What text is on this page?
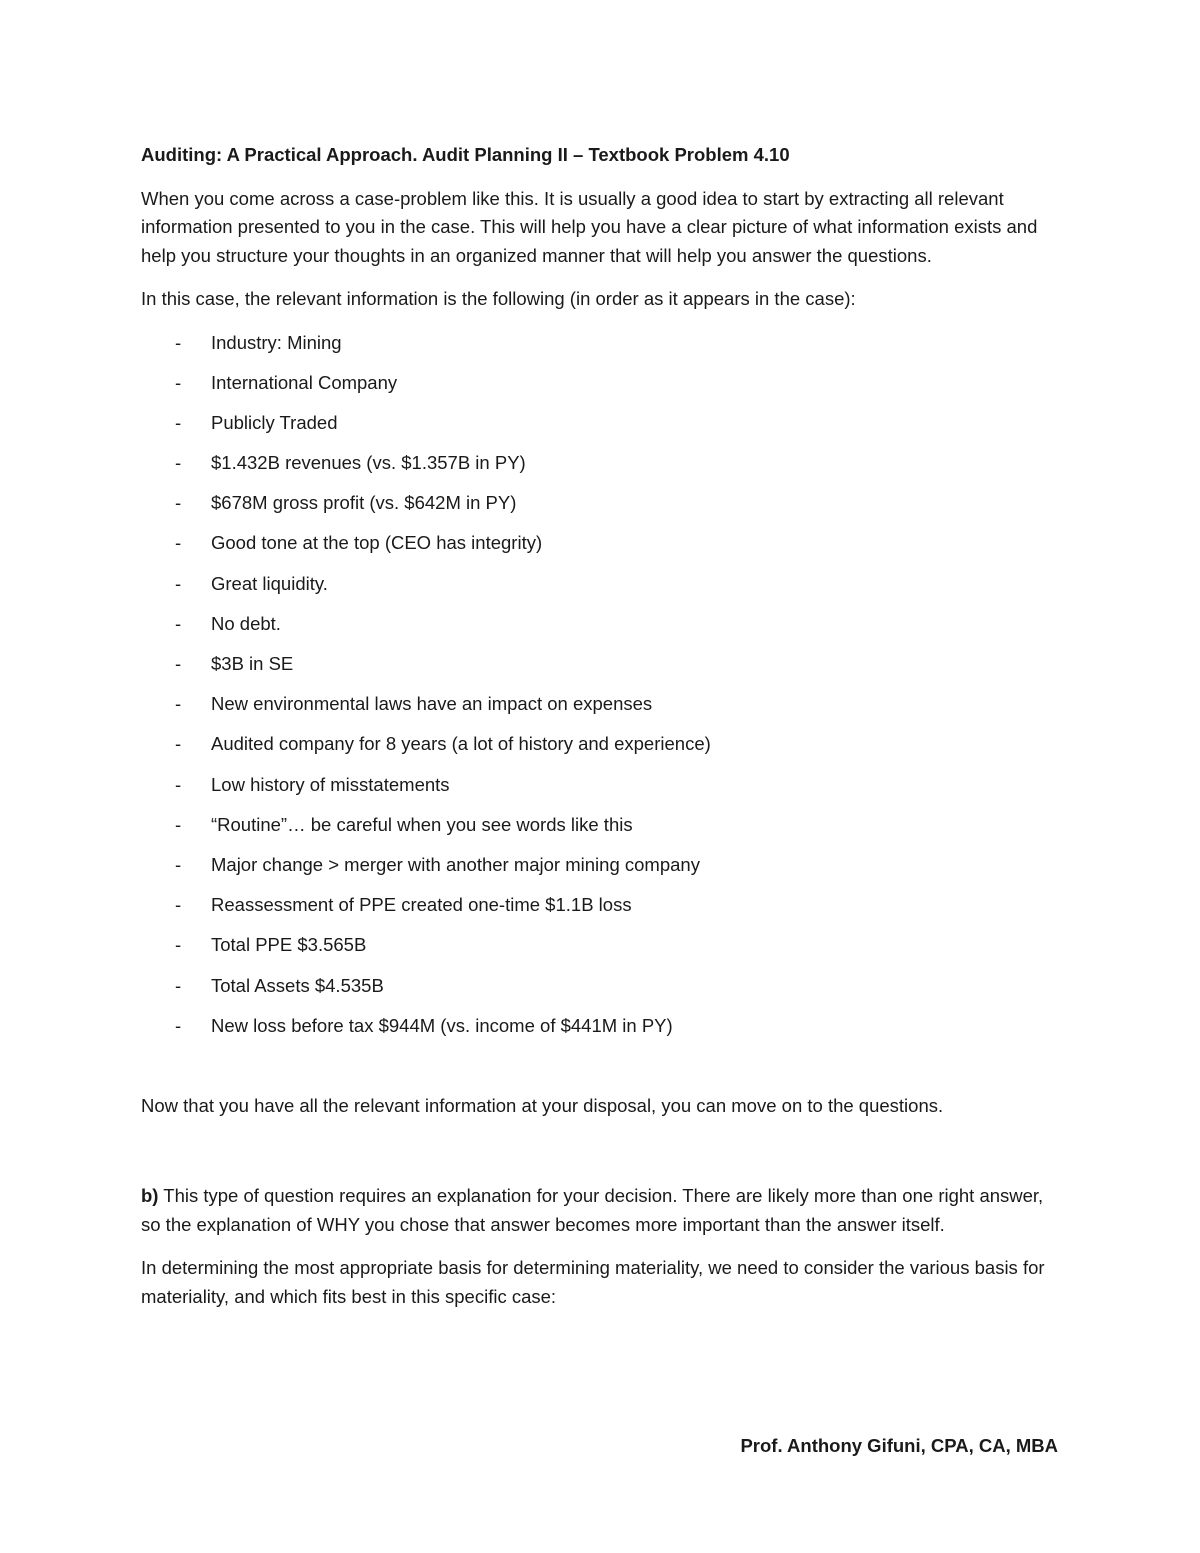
Auditing: A Practical Approach. Audit Planning II – Textbook Problem 4.10

When you come across a case-problem like this. It is usually a good idea to start by extracting all relevant information presented to you in the case. This will help you have a clear picture of what information exists and help you structure your thoughts in an organized manner that will help you answer the questions.

In this case, the relevant information is the following (in order as it appears in the case):

- Industry: Mining
- International Company
- Publicly Traded
- $1.432B revenues (vs. $1.357B in PY)
- $678M gross profit (vs. $642M in PY)
- Good tone at the top (CEO has integrity)
- Great liquidity.
- No debt.
- $3B in SE
- New environmental laws have an impact on expenses
- Audited company for 8 years (a lot of history and experience)
- Low history of misstatements
- “Routine”… be careful when you see words like this
- Major change > merger with another major mining company
- Reassessment of PPE created one-time $1.1B loss
- Total PPE $3.565B
- Total Assets $4.535B
- New loss before tax $944M (vs. income of $441M in PY)

Now that you have all the relevant information at your disposal, you can move on to the questions.

b) This type of question requires an explanation for your decision. There are likely more than one right answer, so the explanation of WHY you chose that answer becomes more important than the answer itself.

In determining the most appropriate basis for determining materiality, we need to consider the various basis for materiality, and which fits best in this specific case:

Prof. Anthony Gifuni, CPA, CA, MBA
